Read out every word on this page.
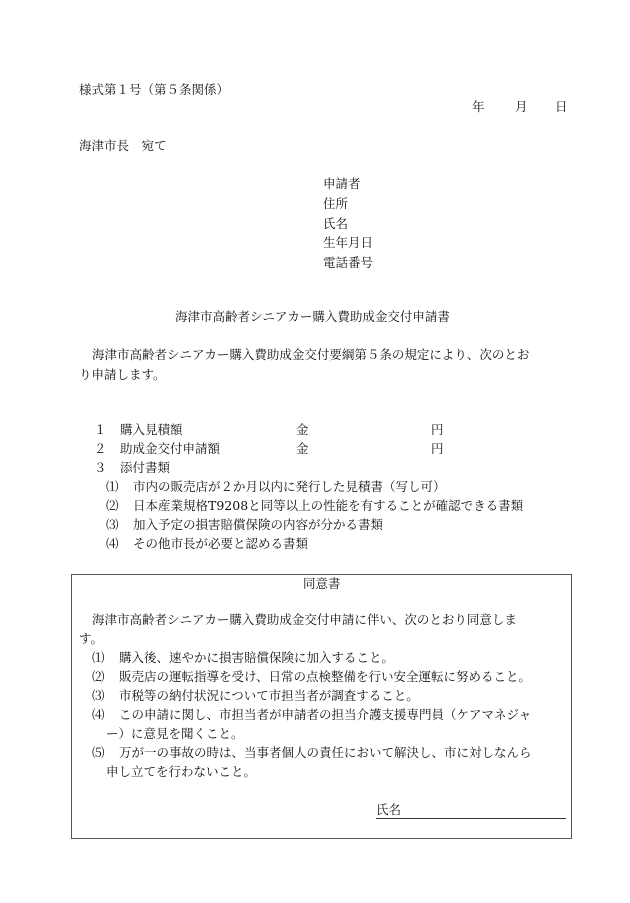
様式第１号（第５条関係）
年 月 日
海津市長　宛て
申請者
住所
氏名
生年月日
電話番号
海津市高齢者シニアカー購入費助成金交付申請書
海津市高齢者シニアカー購入費助成金交付要綱第５条の規定により、次のとお
り申請します。
１ 購入見積額	金	円
２ 助成金交付申請額	金	円
３ 添付書類
⑴ 市内の販売店が２か月以内に発行した見積書（写し可）
⑵ 日本産業規格T9208と同等以上の性能を有することが確認できる書類
⑶ 加入予定の損害賠償保険の内容が分かる書類
⑷ その他市長が必要と認める書類
同意書
海津市高齢者シニアカー購入費助成金交付申請に伴い、次のとおり同意しま
す。
⑴ 購入後、速やかに損害賠償保険に加入すること。
⑵ 販売店の運転指導を受け、日常の点検整備を行い安全運転に努めること。
⑶ 市税等の納付状況について市担当者が調査すること。
⑷ この申請に関し、市担当者が申請者の担当介護支援専門員（ケアマネジャ
ー）に意見を聞くこと。
⑸ 万が一の事故の時は、当事者個人の責任において解決し、市に対しなんら
申し立てを行わないこと。
氏名
